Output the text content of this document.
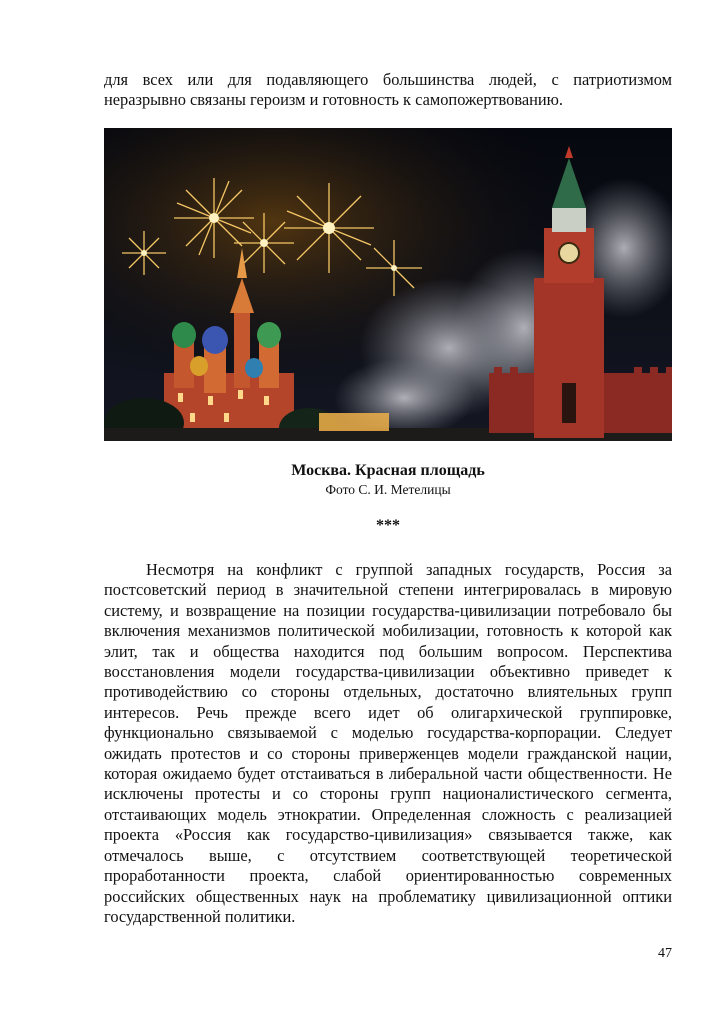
для всех или для подавляющего большинства людей, с патриотизмом неразрывно связаны героизм и готовность к самопожертвованию.

Москва. Красная площадь

Фото С. И. Метелицы

***

Несмотря на конфликт с группой западных государств, Россия за постсоветский период в значительной степени интегрировалась в мировую систему, и возвращение на позиции государства-цивилизации потребовало бы включения механизмов политической мобилизации, готовность к которой как элит, так и общества находится под большим вопросом. Перспектива восстановления модели государства-цивилизации объективно приведет к противодействию со стороны отдельных, достаточно влиятельных групп интересов. Речь прежде всего идет об олигархической группировке, функционально связываемой с моделью государства-корпорации. Следует ожидать протестов и со стороны приверженцев модели гражданской нации, которая ожидаемо будет отстаиваться в либеральной части общественности. Не исключены протесты и со стороны групп националистического сегмента, отстаивающих модель этнократии. Определенная сложность с реализацией проекта «Россия как государство-цивилизация» связывается также, как отмечалось выше, с отсутствием соответствующей теоретической проработанности проекта, слабой ориентированностью современных российских общественных наук на проблематику цивилизационной оптики государственной политики.

47
